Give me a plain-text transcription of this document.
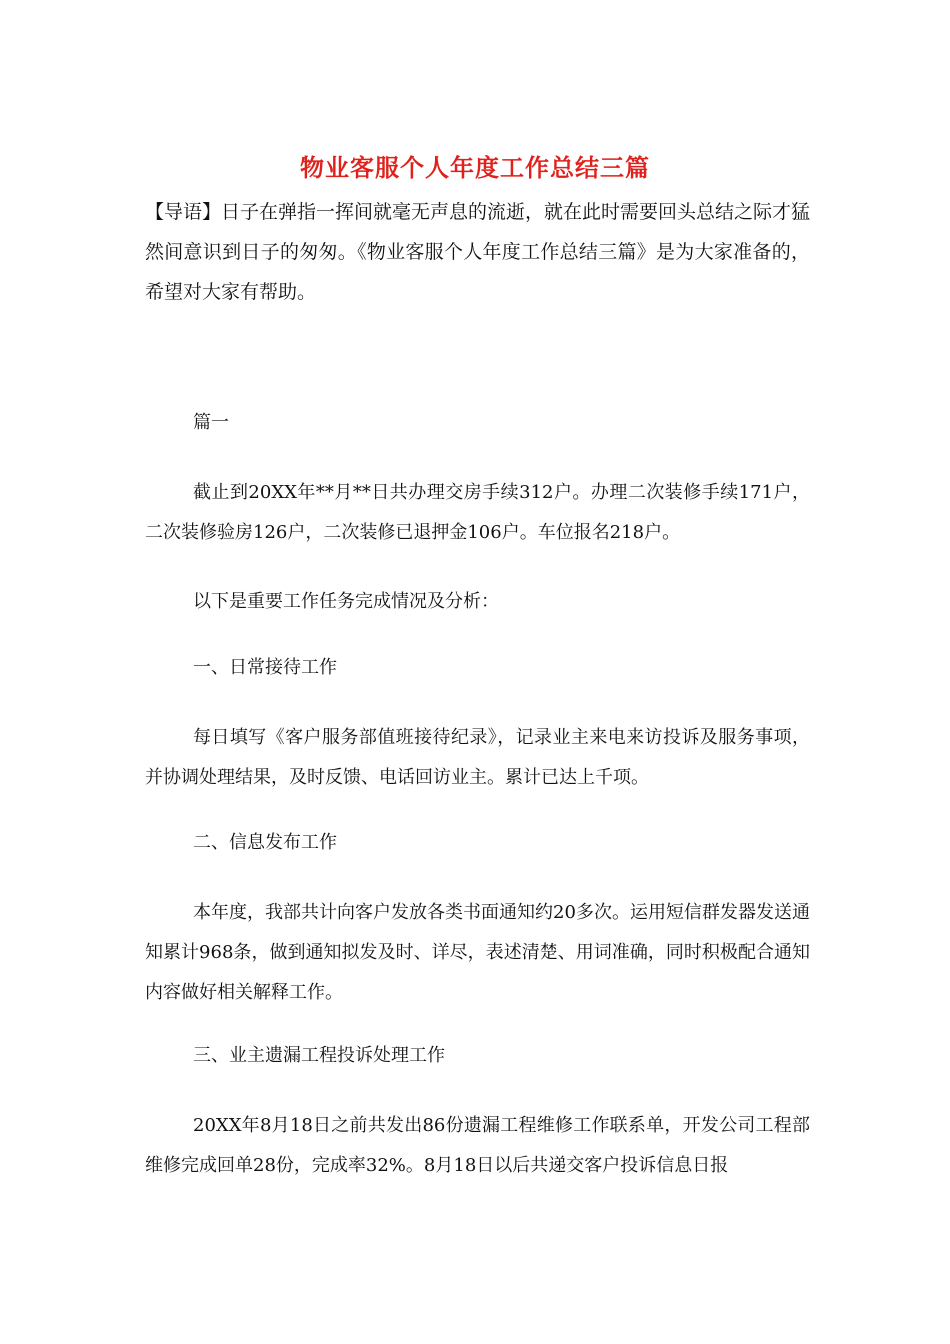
物业客服个人年度工作总结三篇

【导语】日子在弹指一挥间就毫无声息的流逝，就在此时需要回头总结之际才猛然间意识到日子的匆匆。《物业客服个人年度工作总结三篇》是为大家准备的，希望对大家有帮助。

篇一

截止到20XX年**月**日共办理交房手续312户。办理二次装修手续171户，二次装修验房126户，二次装修已退押金106户。车位报名218户。

以下是重要工作任务完成情况及分析：

一、日常接待工作

每日填写《客户服务部值班接待纪录》，记录业主来电来访投诉及服务事项，并协调处理结果，及时反馈、电话回访业主。累计已达上千项。

二、信息发布工作

本年度，我部共计向客户发放各类书面通知约20多次。运用短信群发器发送通知累计968条，做到通知拟发及时、详尽，表述清楚、用词准确，同时积极配合通知内容做好相关解释工作。

三、业主遗漏工程投诉处理工作

20XX年8月18日之前共发出86份遗漏工程维修工作联系单，开发公司工程部维修完成回单28份，完成率32%。8月18日以后共递交客户投诉信息日报
